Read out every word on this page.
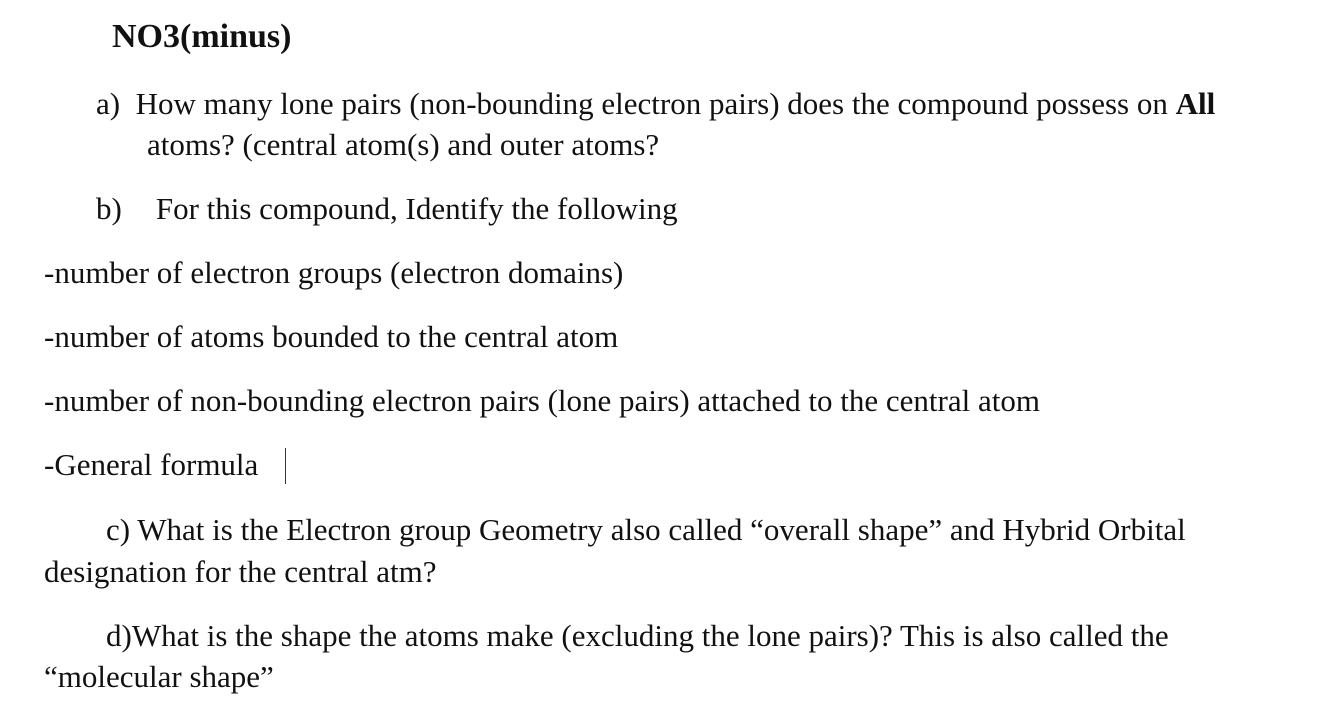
NO3(minus)
a) How many lone pairs (non-bounding electron pairs) does the compound possess on All
atoms? (central atom(s) and outer atoms?
b) For this compound, Identify the following
-number of electron groups (electron domains)
-number of atoms bounded to the central atom
-number of non-bounding electron pairs (lone pairs) attached to the central atom
-General formula
c) What is the Electron group Geometry also called “overall shape” and Hybrid Orbital
designation for the central atm?
d)What is the shape the atoms make (excluding the lone pairs)? This is also called the
“molecular shape”
